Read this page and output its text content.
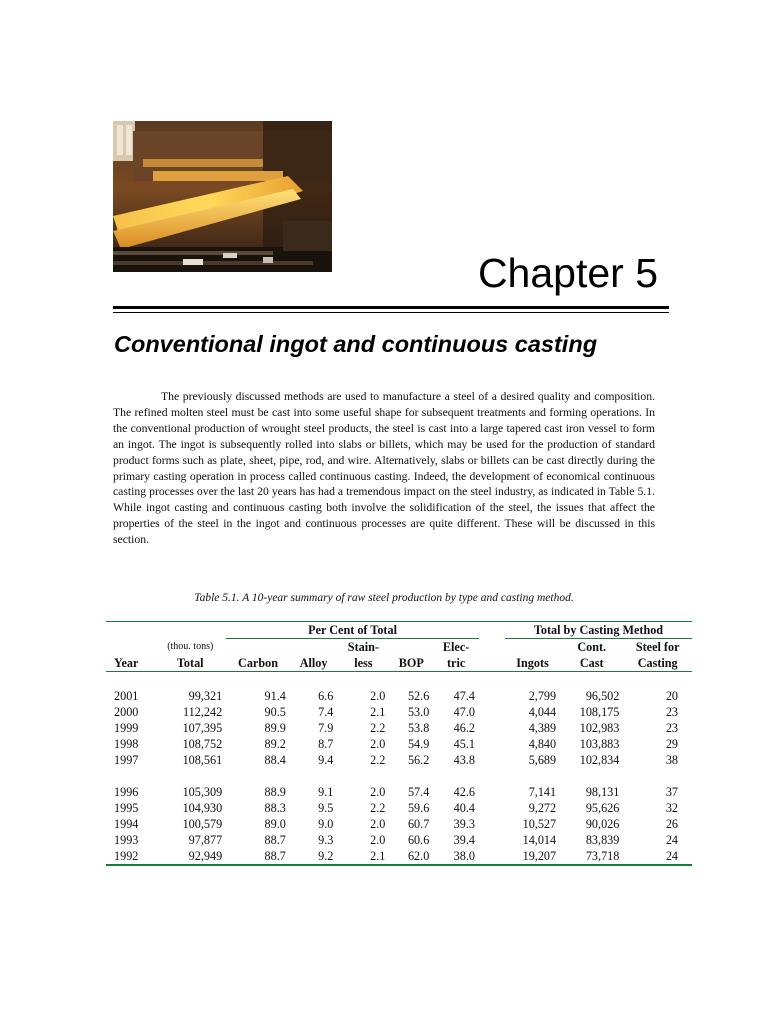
Chapter 5
Conventional ingot and continuous casting

The previously discussed methods are used to manufacture a steel of a desired quality and composition. The refined molten steel must be cast into some useful shape for subsequent treatments and forming operations. In the conventional production of wrought steel products, the steel is cast into a large tapered cast iron vessel to form an ingot. The ingot is subsequently rolled into slabs or billets, which may be used for the production of standard product forms such as plate, sheet, pipe, rod, and wire. Alternatively, slabs or billets can be cast directly during the primary casting operation in process called continuous casting. Indeed, the development of economical continuous casting processes over the last 20 years has had a tremendous impact on the steel industry, as indicated in Table 5.1. While ingot casting and continuous casting both involve the solidification of the steel, the issues that affect the properties of the steel in the ingot and continuous processes are quite different. These will be discussed in this section.

Table 5.1. A 10-year summary of raw steel production by type and casting method.
		Per Cent of Total						Total by Casting Method		
	(thou. tons)			Stain-		Elec-			Cont.	Steel for
Year	Total	Carbon	Alloy	less	BOP	tric		Ingots	Cast	Casting

2001	99,321	91.4	6.6	2.0	52.6	47.4		2,799	96,502	20
2000	112,242	90.5	7.4	2.1	53.0	47.0		4,044	108,175	23
1999	107,395	89.9	7.9	2.2	53.8	46.2		4,389	102,983	23
1998	108,752	89.2	8.7	2.0	54.9	45.1		4,840	103,883	29
1997	108,561	88.4	9.4	2.2	56.2	43.8		5,689	102,834	38

1996	105,309	88.9	9.1	2.0	57.4	42.6		7,141	98,131	37
1995	104,930	88.3	9.5	2.2	59.6	40.4		9,272	95,626	32
1994	100,579	89.0	9.0	2.0	60.7	39.3		10,527	90,026	26
1993	97,877	88.7	9.3	2.0	60.6	39.4		14,014	83,839	24
1992	92,949	88.7	9.2	2.1	62.0	38.0		19,207	73,718	24
